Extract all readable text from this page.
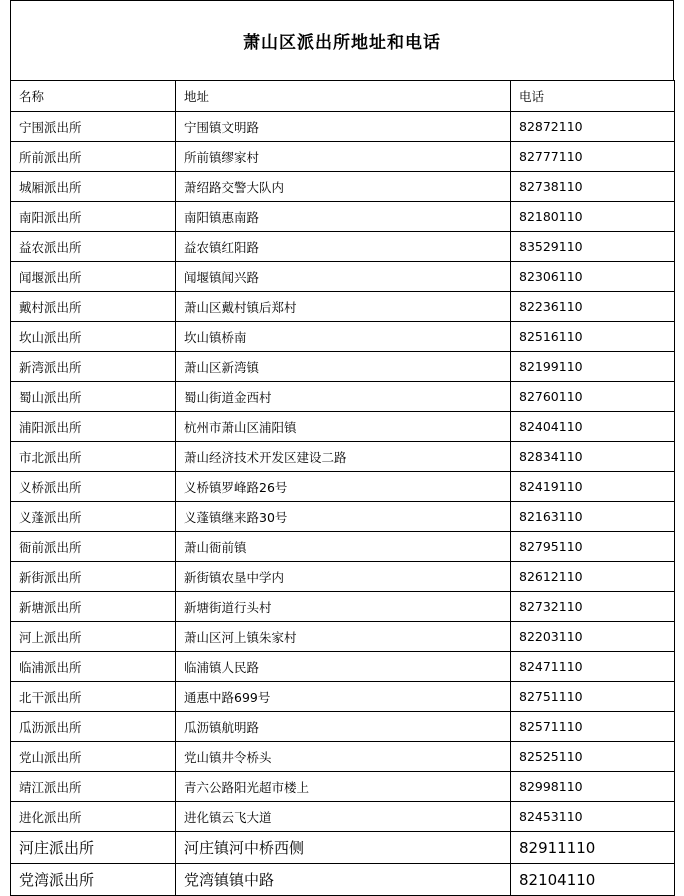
萧山区派出所地址和电话
名称	地址	电话
宁围派出所	宁围镇文明路	82872110
所前派出所	所前镇缪家村	82777110
城厢派出所	萧绍路交警大队内	82738110
南阳派出所	南阳镇惠南路	82180110
益农派出所	益农镇红阳路	83529110
闻堰派出所	闻堰镇闻兴路	82306110
戴村派出所	萧山区戴村镇后郑村	82236110
坎山派出所	坎山镇桥南	82516110
新湾派出所	萧山区新湾镇	82199110
蜀山派出所	蜀山街道金西村	82760110
浦阳派出所	杭州市萧山区浦阳镇	82404110
市北派出所	萧山经济技术开发区建设二路	82834110
义桥派出所	义桥镇罗峰路26号	82419110
义蓬派出所	义蓬镇继来路30号	82163110
衙前派出所	萧山衙前镇	82795110
新街派出所	新街镇农垦中学内	82612110
新塘派出所	新塘街道行头村	82732110
河上派出所	萧山区河上镇朱家村	82203110
临浦派出所	临浦镇人民路	82471110
北干派出所	通惠中路699号	82751110
瓜沥派出所	瓜沥镇航明路	82571110
党山派出所	党山镇井令桥头	82525110
靖江派出所	青六公路阳光超市楼上	82998110
进化派出所	进化镇云飞大道	82453110
河庄派出所	河庄镇河中桥西侧	82911110
党湾派出所	党湾镇镇中路	82104110
